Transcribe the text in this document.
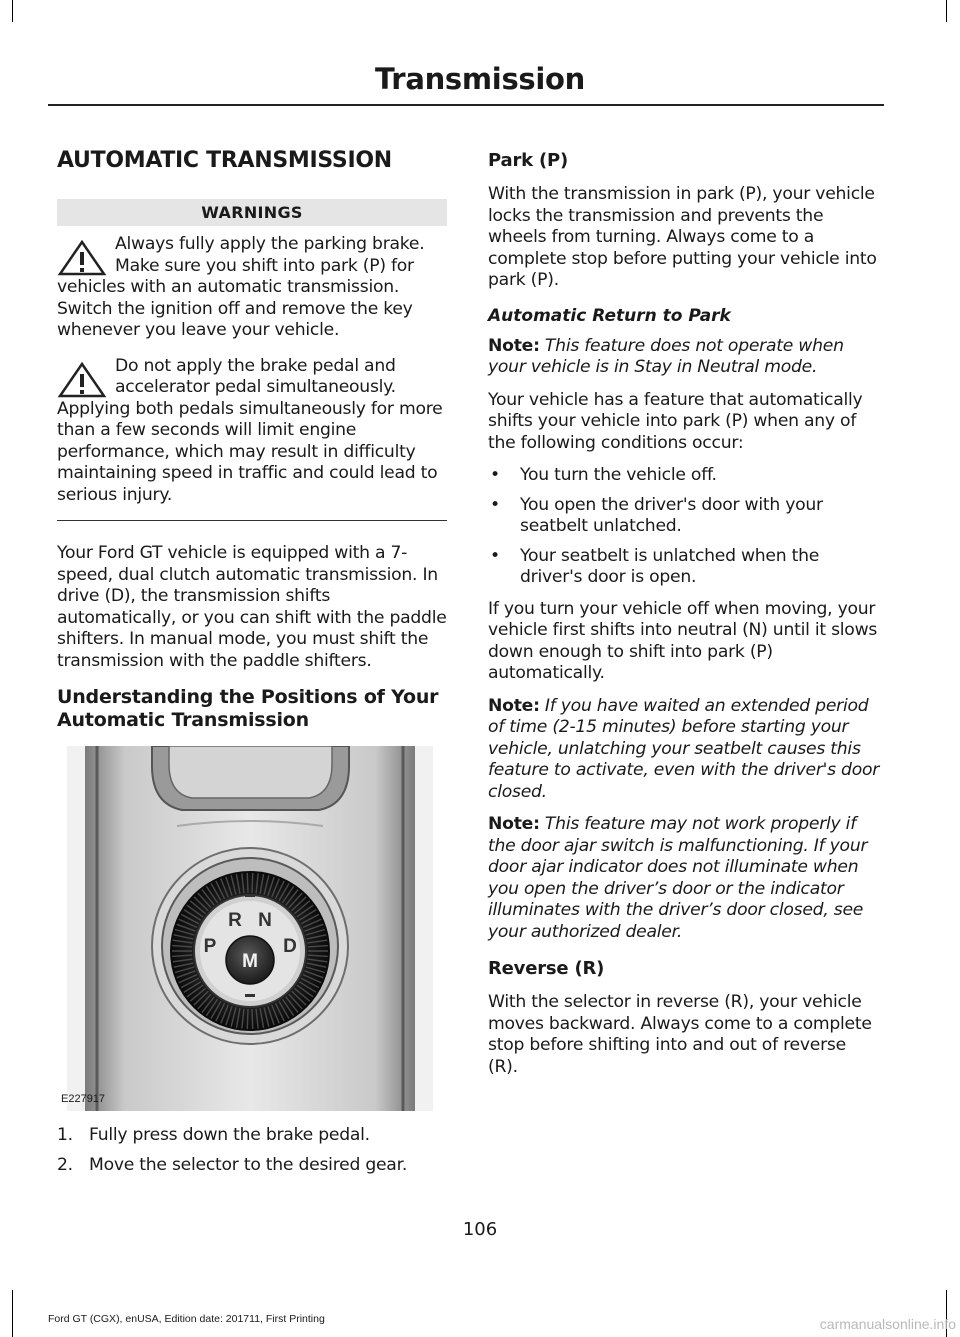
Transmission
AUTOMATIC TRANSMISSION
WARNINGS
Always fully apply the parking brake. Make sure you shift into park (P) for vehicles with an automatic transmission. Switch the ignition off and remove the key whenever you leave your vehicle.
Do not apply the brake pedal and accelerator pedal simultaneously. Applying both pedals simultaneously for more than a few seconds will limit engine performance, which may result in difficulty maintaining speed in traffic and could lead to serious injury.

Your Ford GT vehicle is equipped with a 7-speed, dual clutch automatic transmission. In drive (D), the transmission shifts automatically, or you can shift with the paddle shifters. In manual mode, you must shift the transmission with the paddle shifters.

Understanding the Positions of Your Automatic Transmission
M
P
R N
D
E227917
1. Fully press down the brake pedal.
2. Move the selector to the desired gear.
Park (P)

With the transmission in park (P), your vehicle locks the transmission and prevents the wheels from turning. Always come to a complete stop before putting your vehicle into park (P).

Automatic Return to Park

Note: This feature does not operate when your vehicle is in Stay in Neutral mode.

Your vehicle has a feature that automatically shifts your vehicle into park (P) when any of the following conditions occur:

• You turn the vehicle off.
• You open the driver's door with your seatbelt unlatched.
• Your seatbelt is unlatched when the driver's door is open.

If you turn your vehicle off when moving, your vehicle first shifts into neutral (N) until it slows down enough to shift into park (P) automatically.

Note: If you have waited an extended period of time (2-15 minutes) before starting your vehicle, unlatching your seatbelt causes this feature to activate, even with the driver's door closed.

Note: This feature may not work properly if the door ajar switch is malfunctioning. If your door ajar indicator does not illuminate when you open the driver’s door or the indicator illuminates with the driver’s door closed, see your authorized dealer.

Reverse (R)

With the selector in reverse (R), your vehicle moves backward. Always come to a complete stop before shifting into and out of reverse (R).

106
Ford GT (CGX), enUSA, Edition date: 201711, First Printing	carmanualsonline.info
